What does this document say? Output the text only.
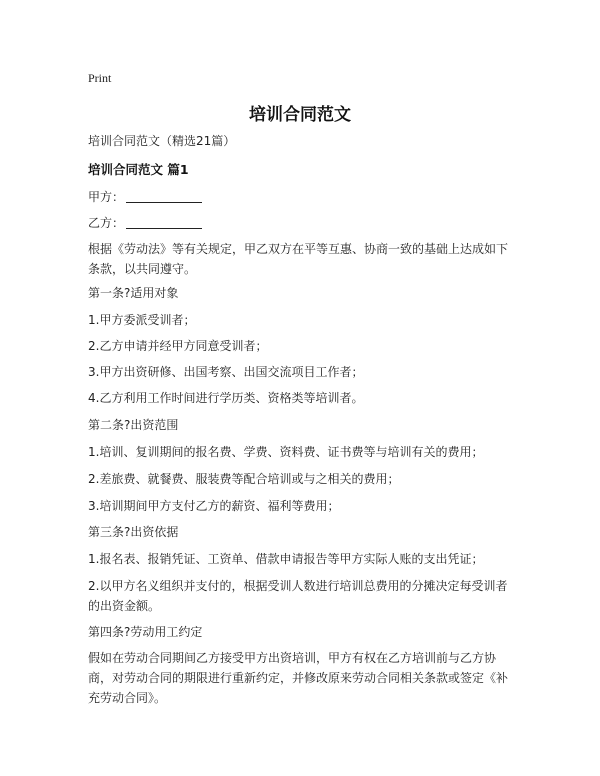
Print
培训合同范文
培训合同范文（精选21篇）
培训合同范文 篇1
甲方：
乙方：
根据《劳动法》等有关规定，甲乙双方在平等互惠、协商一致的基础上达成如下条款，以共同遵守。
第一条?适用对象
1.甲方委派受训者；
2.乙方申请并经甲方同意受训者；
3.甲方出资研修、出国考察、出国交流项目工作者；
4.乙方利用工作时间进行学历类、资格类等培训者。
第二条?出资范围
1.培训、复训期间的报名费、学费、资料费、证书费等与培训有关的费用；
2.差旅费、就餐费、服装费等配合培训或与之相关的费用；
3.培训期间甲方支付乙方的薪资、福利等费用；
第三条?出资依据
1.报名表、报销凭证、工资单、借款申请报告等甲方实际人账的支出凭证；
2.以甲方名义组织并支付的，根据受训人数进行培训总费用的分摊决定每受训者的出资金额。
第四条?劳动用工约定
假如在劳动合同期间乙方接受甲方出资培训，甲方有权在乙方培训前与乙方协商，对劳动合同的期限进行重新约定，并修改原来劳动合同相关条款或签定《补充劳动合同》。
